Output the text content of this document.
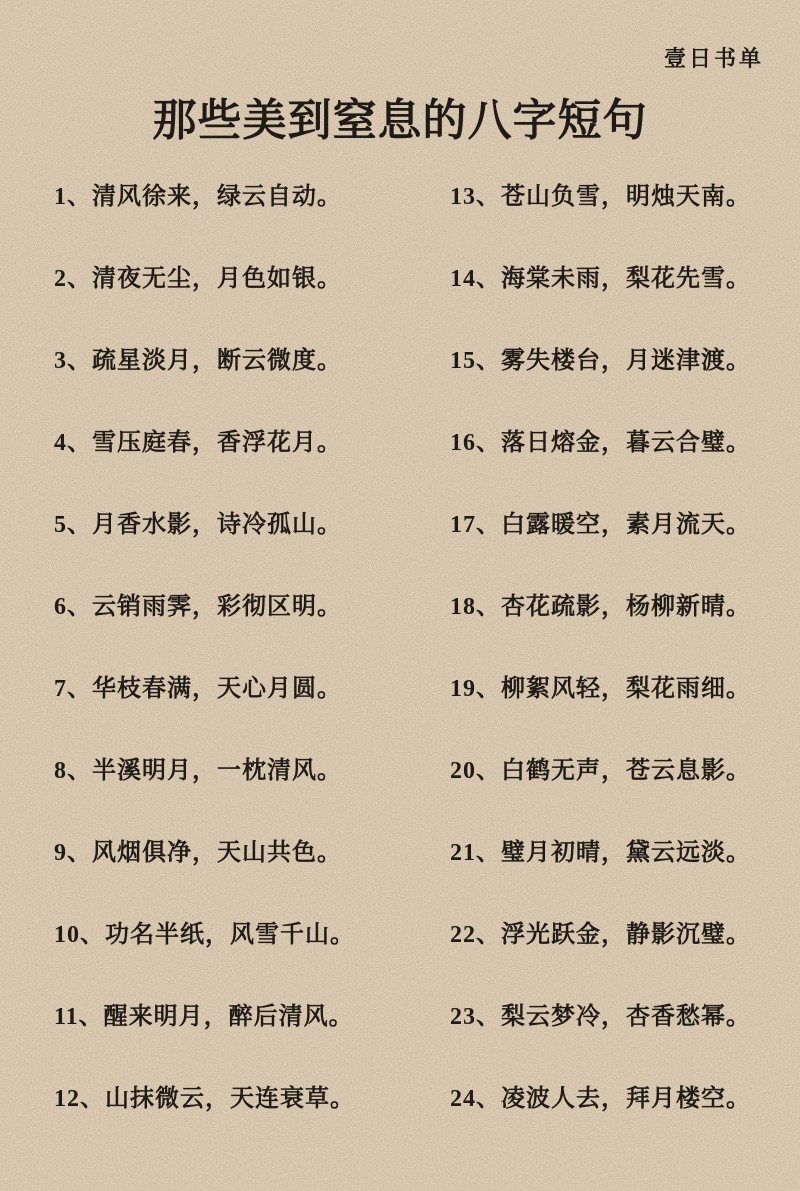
壹日书单
那些美到窒息的八字短句
1、清风徐来，绿云自动。
2、清夜无尘，月色如银。
3、疏星淡月，断云微度。
4、雪压庭春，香浮花月。
5、月香水影，诗冷孤山。
6、云销雨霁，彩彻区明。
7、华枝春满，天心月圆。
8、半溪明月，一枕清风。
9、风烟俱净，天山共色。
10、功名半纸，风雪千山。
11、醒来明月，醉后清风。
12、山抹微云，天连衰草。
13、苍山负雪，明烛天南。
14、海棠未雨，梨花先雪。
15、雾失楼台，月迷津渡。
16、落日熔金，暮云合璧。
17、白露暖空，素月流天。
18、杏花疏影，杨柳新晴。
19、柳絮风轻，梨花雨细。
20、白鹤无声，苍云息影。
21、璧月初晴，黛云远淡。
22、浮光跃金，静影沉璧。
23、梨云梦冷，杏香愁幂。
24、凌波人去，拜月楼空。
